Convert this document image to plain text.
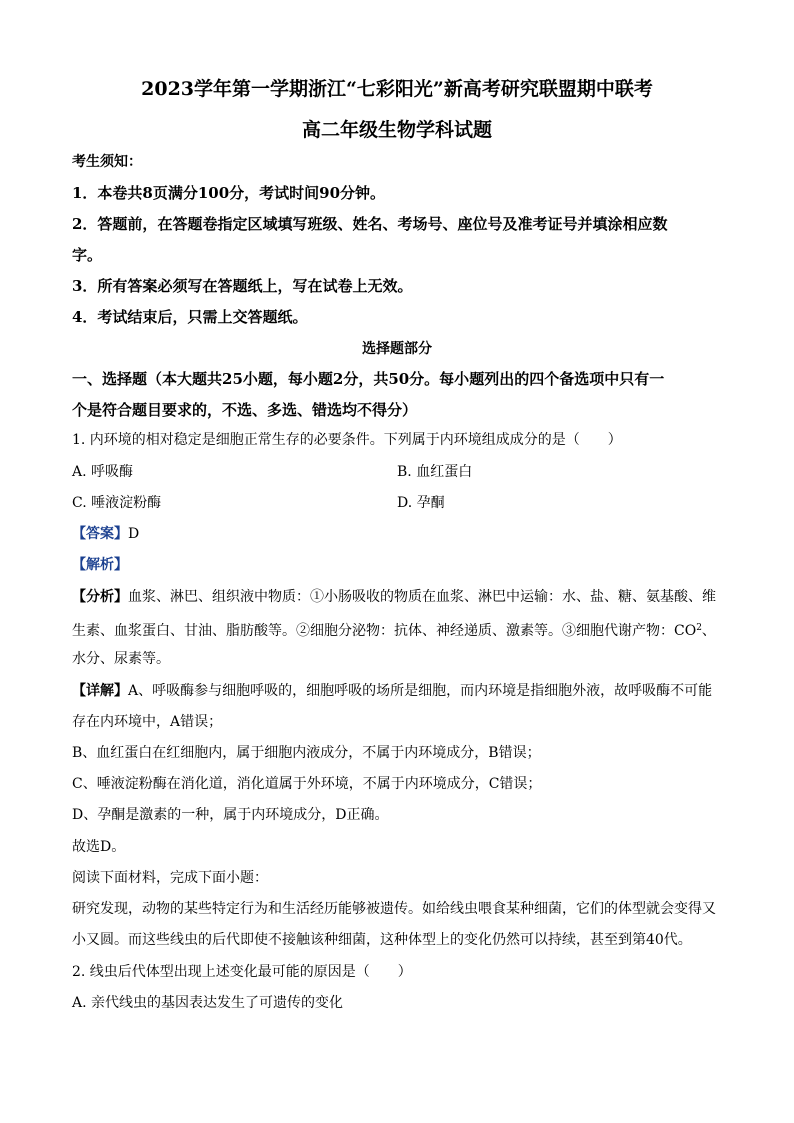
2023学年第一学期浙江“七彩阳光”新高考研究联盟期中联考
高二年级生物学科试题
考生须知：
1．本卷共8页满分100分，考试时间90分钟。
2．答题前，在答题卷指定区域填写班级、姓名、考场号、座位号及准考证号并填涂相应数
字。
3．所有答案必须写在答题纸上，写在试卷上无效。
4．考试结束后，只需上交答题纸。
选择题部分
一、选择题（本大题共25小题，每小题2分，共50分。每小题列出的四个备选项中只有一
个是符合题目要求的，不选、多选、错选均不得分）
1. 内环境的相对稳定是细胞正常生存的必要条件。下列属于内环境组成成分的是（　　）
A. 呼吸酶	B. 血红蛋白
C. 唾液淀粉酶	D. 孕酮
【答案】D
【解析】
【分析】血浆、淋巴、组织液中物质：①小肠吸收的物质在血浆、淋巴中运输：水、盐、糖、氨基酸、维
生素、血浆蛋白、甘油、脂肪酸等。②细胞分泌物：抗体、神经递质、激素等。③细胞代谢产物：$CO^2$、
水分、尿素等。
【详解】A、呼吸酶参与细胞呼吸的，细胞呼吸的场所是细胞，而内环境是指细胞外液，故呼吸酶不可能
存在内环境中，A错误；
B、血红蛋白在红细胞内，属于细胞内液成分，不属于内环境成分，B错误；
C、唾液淀粉酶在消化道，消化道属于外环境，不属于内环境成分，C错误；
D、孕酮是激素的一种，属于内环境成分，D正确。
故选D。
阅读下面材料，完成下面小题：
研究发现，动物的某些特定行为和生活经历能够被遗传。如给线虫喂食某种细菌，它们的体型就会变得又
小又圆。而这些线虫的后代即使不接触该种细菌，这种体型上的变化仍然可以持续，甚至到第40代。
2. 线虫后代体型出现上述变化最可能的原因是（　　）
A. 亲代线虫的基因表达发生了可遗传的变化
